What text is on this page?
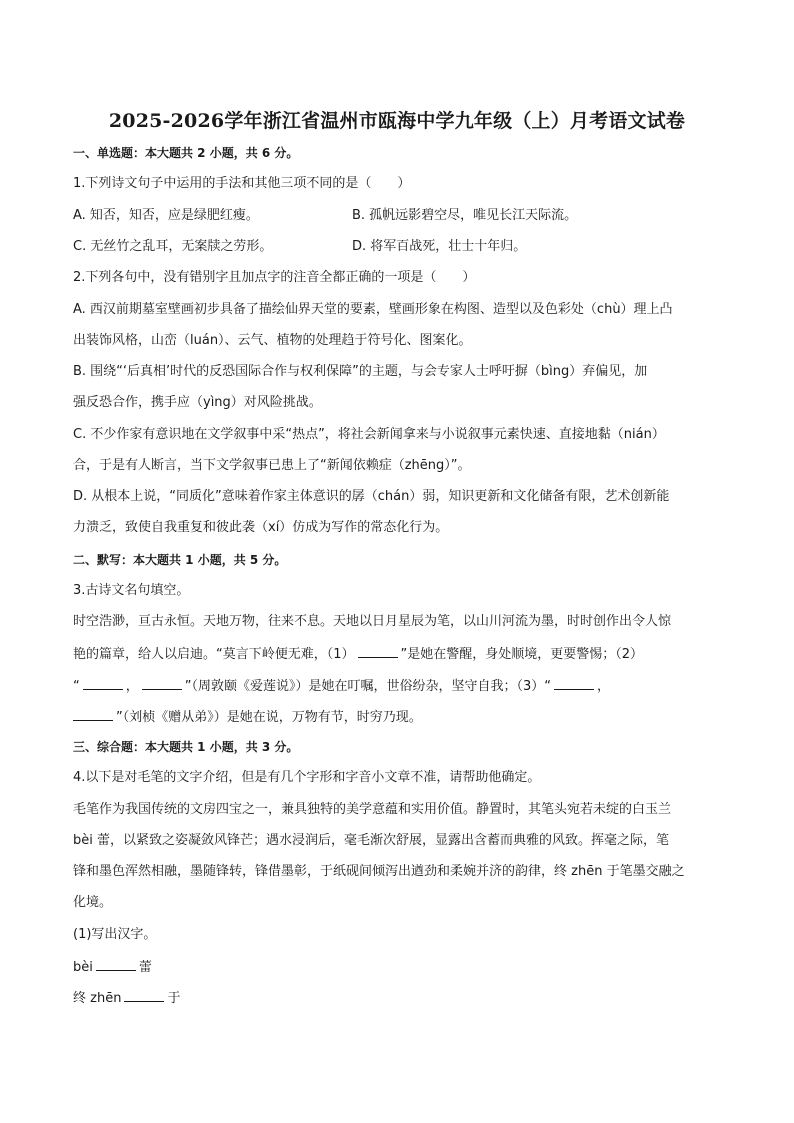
2025-2026学年浙江省温州市瓯海中学九年级（上）月考语文试卷
一、单选题：本大题共 2 小题，共 6 分。
1.下列诗文句子中运用的手法和其他三项不同的是（　　）
A. 知否，知否，应是绿肥红瘦。	B. 孤帆远影碧空尽，唯见长江天际流。
C. 无丝竹之乱耳，无案牍之劳形。	D. 将军百战死，壮士十年归。
2.下列各句中，没有错别字且加点字的注音全都正确的一项是（　　）
A. 西汉前期墓室壁画初步具备了描绘仙界天堂的要素，壁画形象在构图、造型以及色彩处（chù）理上凸
出装饰风格，山峦（luán）、云气、植物的处理趋于符号化、图案化。
B. 围绕“‘后真相’时代的反恐国际合作与权利保障”的主题，与会专家人士呼吁摒（bìng）弃偏见，加
强反恐合作，携手应（yìng）对风险挑战。
C. 不少作家有意识地在文学叙事中采“热点”，将社会新闻拿来与小说叙事元素快速、直接地黏（nián）
合，于是有人断言，当下文学叙事已患上了“新闻依赖症（zhēng）”。
D. 从根本上说，“同质化”意味着作家主体意识的孱（chán）弱，知识更新和文化储备有限，艺术创新能
力溃乏，致使自我重复和彼此袭（xí）仿成为写作的常态化行为。
二、默写：本大题共 1 小题，共 5 分。
3.古诗文名句填空。
时空浩渺，亘古永恒。天地万物，往来不息。天地以日月星辰为笔，以山川河流为墨，时时创作出令人惊
艳的篇章，给人以启迪。“莫言下岭便无难，（1）	”是她在警醒，身处顺境，更要警惕；（2）
“	，	”（周敦颐《爱莲说》）是她在叮嘱，世俗纷杂，坚守自我；（3）“	，
”（刘桢《赠从弟》）是她在说，万物有节，时穷乃现。
三、综合题：本大题共 1 小题，共 3 分。
4.以下是对毛笔的文字介绍，但是有几个字形和字音小文章不准，请帮助他确定。
毛笔作为我国传统的文房四宝之一，兼具独特的美学意蕴和实用价值。静置时，其笔头宛若未绽的白玉兰
bèi 蕾，以紧致之姿凝敛风锋芒；遇水浸润后，毫毛渐次舒展，显露出含蓄而典雅的风致。挥毫之际，笔
锋和墨色浑然相融，墨随锋转，锋借墨彰，于纸砚间倾泻出遒劲和柔婉并济的韵律，终 zhēn 于笔墨交融之
化境。
(1)写出汉字。
bèi	蕾
终 zhēn	于
